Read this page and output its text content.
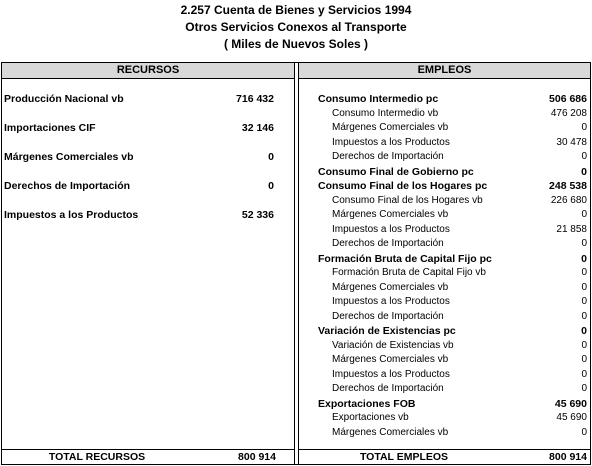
2.257 Cuenta de Bienes y Servicios 1994
Otros Servicios Conexos al Transporte
( Miles de Nuevos Soles )
RECURSOS	EMPLEOS
Producción Nacional vb	716 432
Importaciones CIF	32 146
Márgenes Comerciales vb	0
Derechos de Importación	0
Impuestos a los Productos	52 336
Consumo Intermedio pc	506 686
Consumo Intermedio vb	476 208
Márgenes Comerciales vb	0
Impuestos a los Productos	30 478
Derechos de Importación	0
Consumo Final de Gobierno pc	0
Consumo Final de los Hogares pc	248 538
Consumo Final de los Hogares vb	226 680
Márgenes Comerciales vb	0
Impuestos a los Productos	21 858
Derechos de Importación	0
Formación Bruta de Capital Fijo pc	0
Formación Bruta de Capital Fijo vb	0
Márgenes Comerciales vb	0
Impuestos a los Productos	0
Derechos de Importación	0
Variación de Existencias pc	0
Variación de Existencias vb	0
Márgenes Comerciales vb	0
Impuestos a los Productos	0
Derechos de Importación	0
Exportaciones FOB	45 690
Exportaciones vb	45 690
Márgenes Comerciales vb	0
TOTAL RECURSOS	800 914	TOTAL EMPLEOS	800 914
